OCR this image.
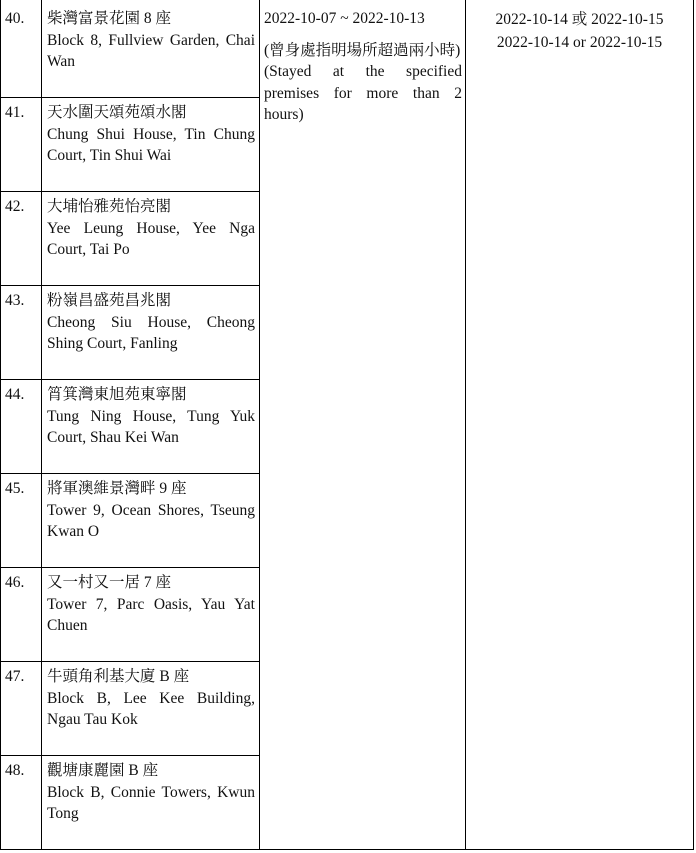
40.	柴灣富景花園 8 座
Block 8, Fullview Garden, Chai Wan
41.	天水圍天頌苑頌水閣
Chung Shui House, Tin Chung Court, Tin Shui Wai
42.	大埔怡雅苑怡亮閣
Yee Leung House, Yee Nga Court, Tai Po
43.	粉嶺昌盛苑昌兆閣
Cheong Siu House, Cheong Shing Court, Fanling
44.	筲箕灣東旭苑東寧閣
Tung Ning House, Tung Yuk Court, Shau Kei Wan
45.	將軍澳維景灣畔 9 座
Tower 9, Ocean Shores, Tseung Kwan O
46.	又一村又一居 7 座
Tower 7, Parc Oasis, Yau Yat Chuen
47.	牛頭角利基大廈 B 座
Block B, Lee Kee Building, Ngau Tau Kok
48.	觀塘康麗園 B 座
Block B, Connie Towers, Kwun Tong
2022-10-07 ~ 2022-10-13
(曾身處指明場所超過兩小時)
(Stayed at the specified premises for more than 2 hours)
2022-10-14 或 2022-10-15
2022-10-14 or 2022-10-15
